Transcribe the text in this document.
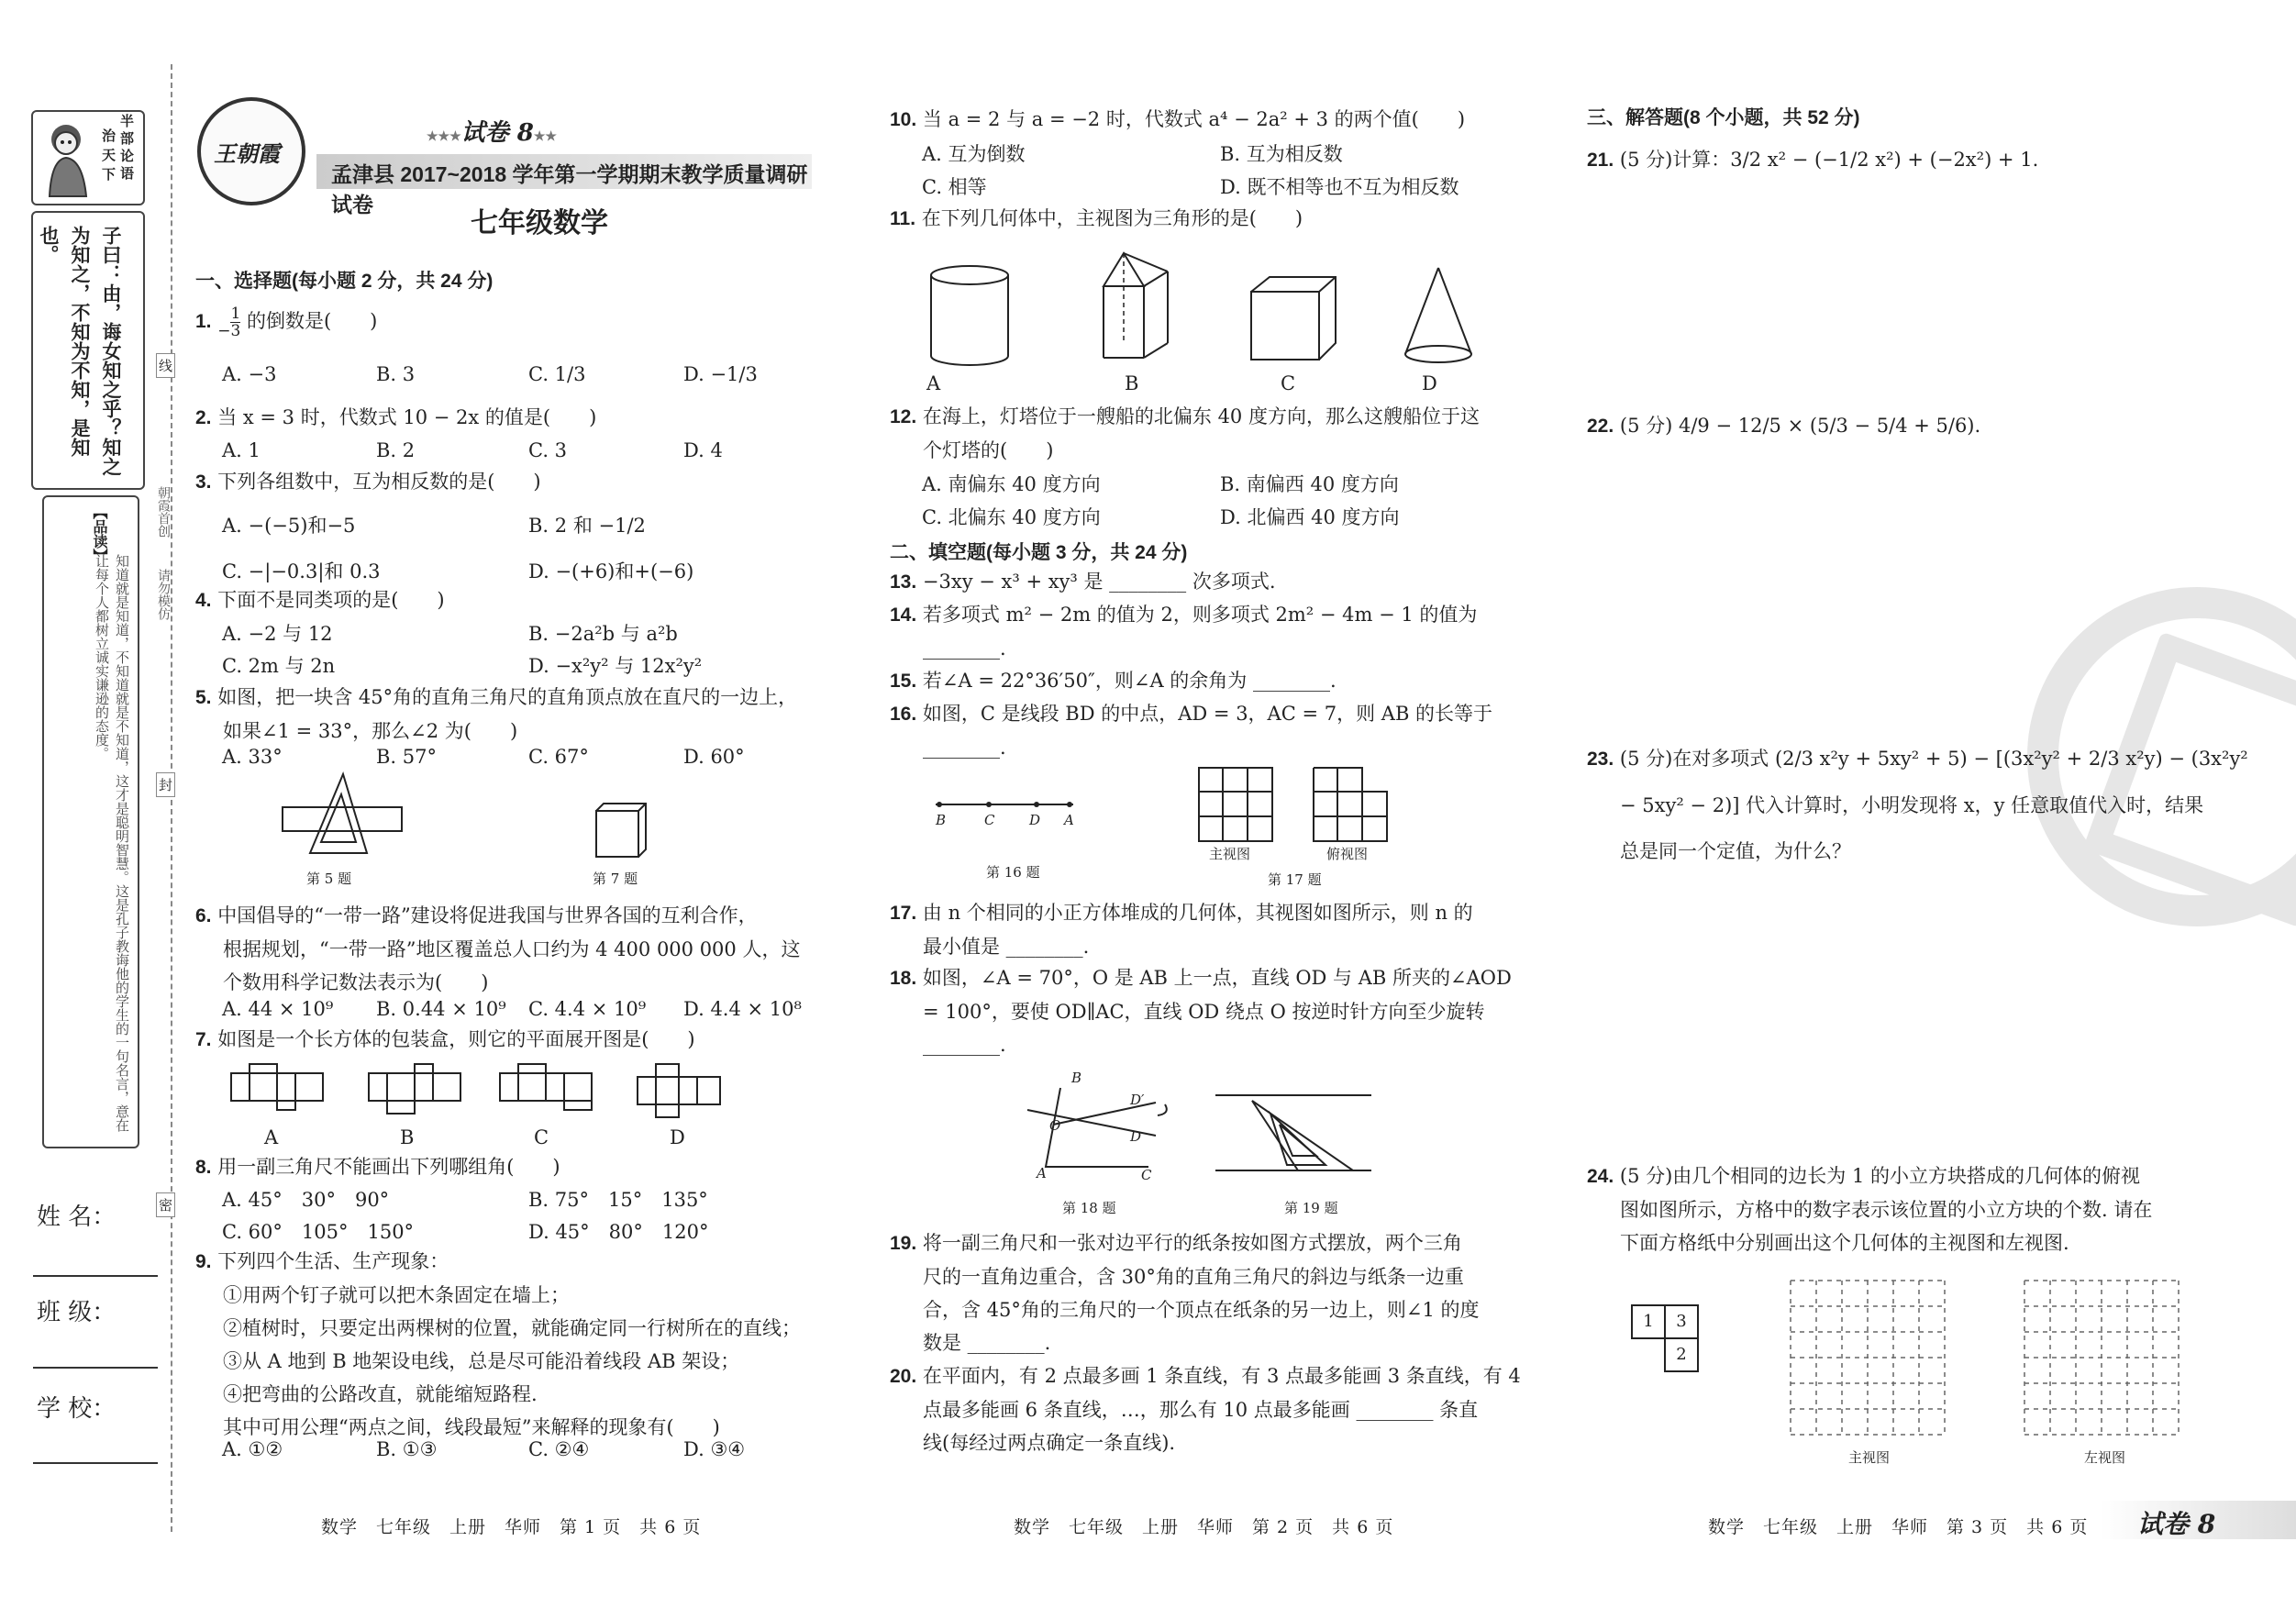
半部论语
治天下
子曰：由，诲女知之乎？知之为知之，不知为不知，是知也。
【品读】
知道就是知道，不知道就是不知道，这才是聪明智慧。这是孔子教诲他的学生的一句名言，意在让每个人都树立诚实谦逊的态度。
线
封
密
朝霞首创
请勿模仿
姓 名：
班 级：
学 校：
王朝霞
★★★试卷 8★★
孟津县 2017~2018 学年第一学期期末教学质量调研试卷
七年级数学
一、选择题(每小题 2 分，共 24 分)
1. − $\frac{1}{3}$ 的倒数是(　　)
A. −3	B. 3	C. 1/3	D. −1/3
2. 当 x = 3 时，代数式 10 − 2x 的值是(　　)
A. 1	B. 2	C. 3	D. 4
3. 下列各组数中，互为相反数的是(　　)
A. −(−5)和−5	B. 2 和 −1/2
C. −|−0.3|和 0.3	D. −(+6)和+(−6)
4. 下面不是同类项的是(　　)
A. −2 与 12	B. −2a²b 与 a²b
C. 2m 与 2n	D. −x²y² 与 12x²y²
5. 如图，把一块含 45°角的直角三角尺的直角顶点放在直尺的一边上，
如果∠1 = 33°，那么∠2 为(　　)
A. 33°	B. 57°	C. 67°	D. 60°
第 5 题	第 7 题
6. 中国倡导的“一带一路”建设将促进我国与世界各国的互利合作，
根据规划，“一带一路”地区覆盖总人口约为 4 400 000 000 人，这
个数用科学记数法表示为(　　)
A. 44 × 10⁹ B. 0.44 × 10⁹ C. 4.4 × 10⁹ D. 4.4 × 10⁸
7. 如图是一个长方体的包装盒，则它的平面展开图是(　　)
A	B	C	D
8. 用一副三角尺不能画出下列哪组角(　　)
A. 45°　30°　90°	B. 75°　15°　135°
C. 60°　105°　150°	D. 45°　80°　120°
9. 下列四个生活、生产现象：
①用两个钉子就可以把木条固定在墙上；
②植树时，只要定出两棵树的位置，就能确定同一行树所在的直线；
③从 A 地到 B 地架设电线，总是尽可能沿着线段 AB 架设；
④把弯曲的公路改直，就能缩短路程.
其中可用公理“两点之间，线段最短”来解释的现象有(　　)
A. ①②	B. ①③	C. ②④	D. ③④
数学　七年级　上册　华师　第 1 页　共 6 页
10. 当 a = 2 与 a = −2 时，代数式 a⁴ − 2a² + 3 的两个值(　　)
A. 互为倒数	B. 互为相反数
C. 相等	D. 既不相等也不互为相反数
11. 在下列几何体中，主视图为三角形的是(　　)
A	B	C	D
12. 在海上，灯塔位于一艘船的北偏东 40 度方向，那么这艘船位于这
个灯塔的(　　)
A. 南偏东 40 度方向	B. 南偏西 40 度方向
C. 北偏东 40 度方向	D. 北偏西 40 度方向
二、填空题(每小题 3 分，共 24 分)
13. −3xy − x³ + xy³ 是 ________ 次多项式.
14. 若多项式 m² − 2m 的值为 2，则多项式 2m² − 4m − 1 的值为
________.
15. 若∠A = 22°36′50″，则∠A 的余角为 ________.
16. 如图，C 是线段 BD 的中点，AD = 3，AC = 7，则 AB 的长等于
________.
B	C	D A
第 16 题
主视图	俯视图
第 17 题
17. 由 n 个相同的小正方体堆成的几何体，其视图如图所示，则 n 的
最小值是 ________.
18. 如图，∠A = 70°，O 是 AB 上一点，直线 OD 与 AB 所夹的∠AOD
= 100°，要使 OD∥AC，直线 OD 绕点 O 按逆时针方向至少旋转
________.
B
D′
O
D
A	C
第 18 题	第 19 题
19. 将一副三角尺和一张对边平行的纸条按如图方式摆放，两个三角
尺的一直角边重合，含 30°角的直角三角尺的斜边与纸条一边重
合，含 45°角的三角尺的一个顶点在纸条的另一边上，则∠1 的度
数是 ________.
20. 在平面内，有 2 点最多画 1 条直线，有 3 点最多能画 3 条直线，有 4
点最多能画 6 条直线，…，那么有 10 点最多能画 ________ 条直
线(每经过两点确定一条直线).
数学　七年级　上册　华师　第 2 页　共 6 页
三、解答题(8 个小题，共 52 分)
21. (5 分)计算：3/2 x² − (−1/2 x²) + (−2x²) + 1.
22. (5 分) 4/9 − 12/5 × (5/3 − 5/4 + 5/6).
23. (5 分)在对多项式 (2/3 x²y + 5xy² + 5) − [(3x²y² + 2/3 x²y) − (3x²y²
− 5xy² − 2)] 代入计算时，小明发现将 x，y 任意取值代入时，结果
总是同一个定值，为什么？
24. (5 分)由几个相同的边长为 1 的小立方块搭成的几何体的俯视
图如图所示，方格中的数字表示该位置的小立方块的个数. 请在
下面方格纸中分别画出这个几何体的主视图和左视图.
1	3
2
主视图	左视图
数学　七年级　上册　华师　第 3 页　共 6 页 试卷 8
